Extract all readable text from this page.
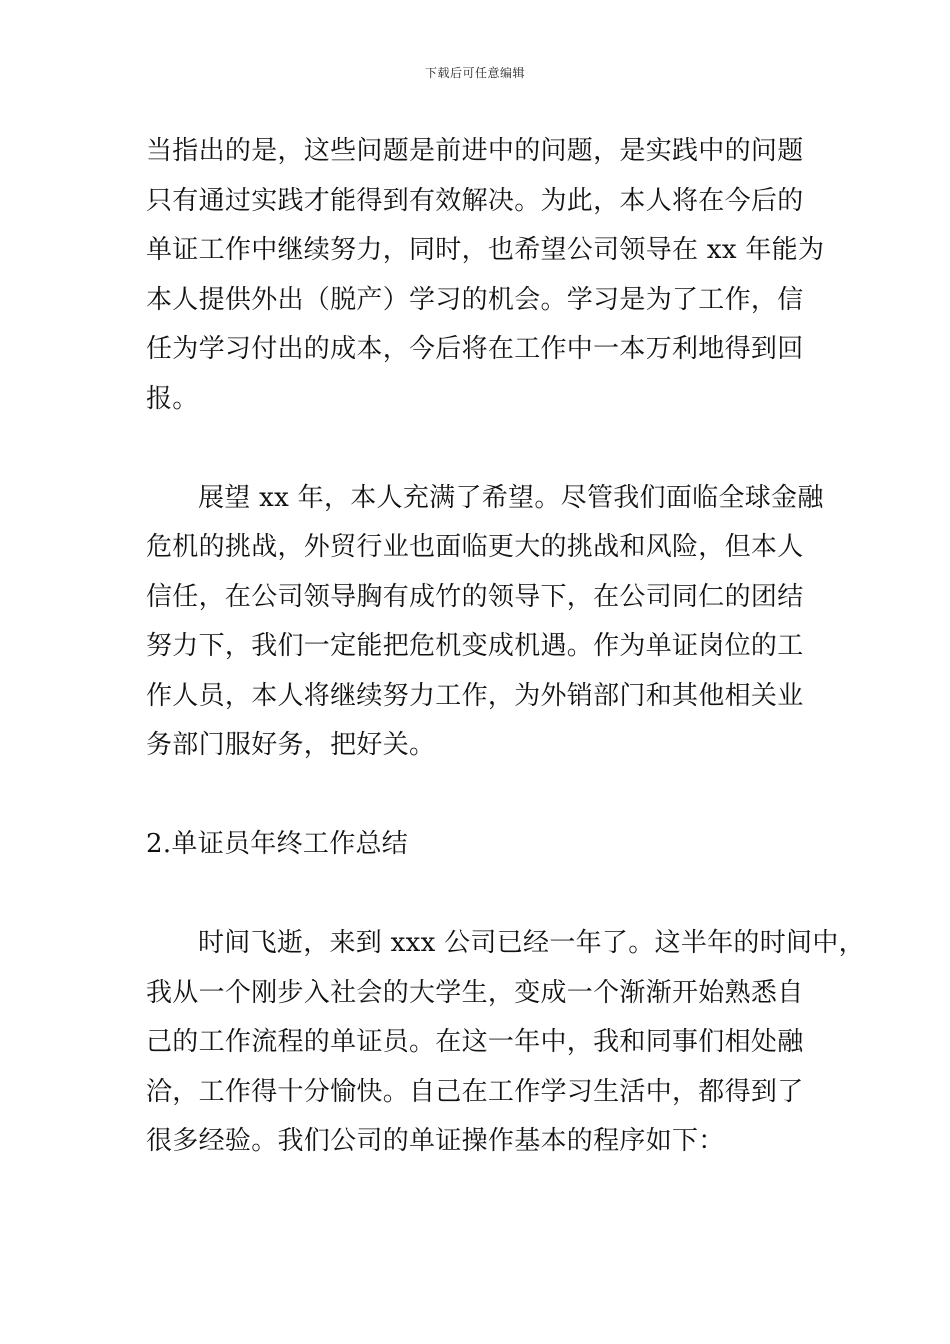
下载后可任意编辑
当指出的是，这些问题是前进中的问题，是实践中的问题
只有通过实践才能得到有效解决。为此，本人将在今后的
单证工作中继续努力，同时，也希望公司领导在 xx 年能为
本人提供外出（脱产）学习的机会。学习是为了工作，信
任为学习付出的成本，今后将在工作中一本万利地得到回
报。
展望 xx 年，本人充满了希望。尽管我们面临全球金融
危机的挑战，外贸行业也面临更大的挑战和风险，但本人
信任，在公司领导胸有成竹的领导下，在公司同仁的团结
努力下，我们一定能把危机变成机遇。作为单证岗位的工
作人员，本人将继续努力工作，为外销部门和其他相关业
务部门服好务，把好关。
2.单证员年终工作总结
时间飞逝，来到 xxx 公司已经一年了。这半年的时间中，
我从一个刚步入社会的大学生，变成一个渐渐开始熟悉自
己的工作流程的单证员。在这一年中，我和同事们相处融
洽，工作得十分愉快。自己在工作学习生活中，都得到了
很多经验。我们公司的单证操作基本的程序如下：
